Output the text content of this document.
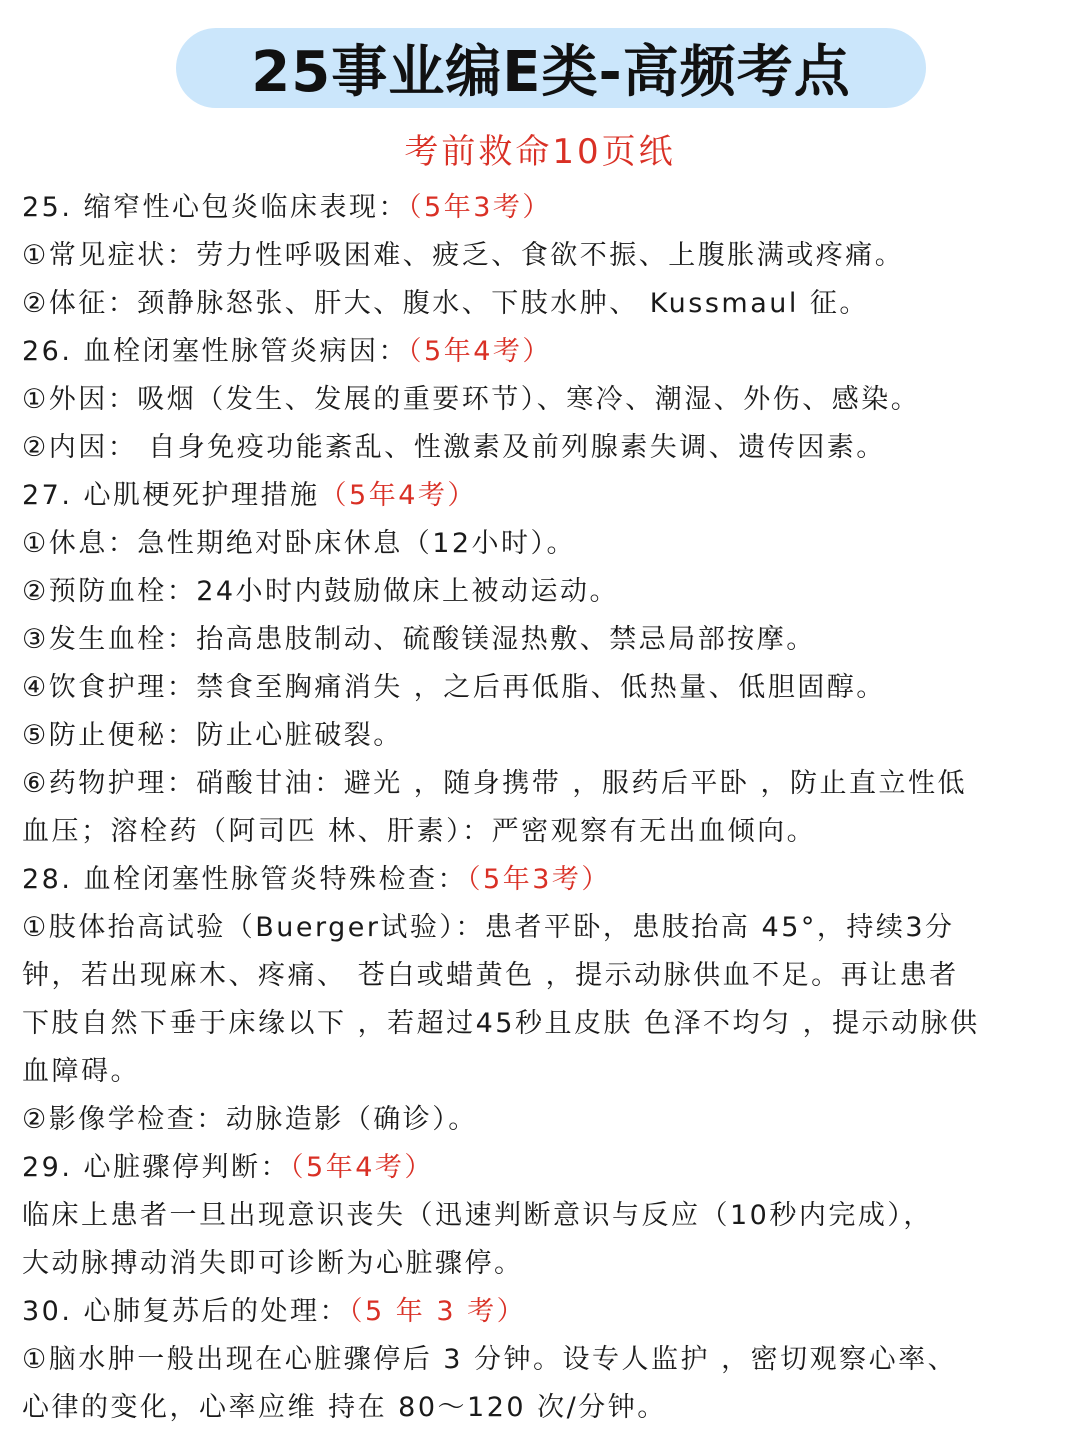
25事业编E类-高频考点
考前救命10页纸
25. 缩窄性心包炎临床表现：（5年3考）
①常见症状：劳力性呼吸困难、疲乏、食欲不振、上腹胀满或疼痛。
②体征：颈静脉怒张、肝大、腹水、下肢水肿、 Kussmaul 征。
26. 血栓闭塞性脉管炎病因：（5年4考）
①外因：吸烟（发生、发展的重要环节）、寒冷、潮湿、外伤、感染。
②内因： 自身免疫功能紊乱、性激素及前列腺素失调、遗传因素。
27. 心肌梗死护理措施（5年4考）
①休息：急性期绝对卧床休息（12小时）。
②预防血栓：24小时内鼓励做床上被动运动。
③发生血栓：抬高患肢制动、硫酸镁湿热敷、禁忌局部按摩。
④饮食护理：禁食至胸痛消失 ，之后再低脂、低热量、低胆固醇。
⑤防止便秘：防止心脏破裂。
⑥药物护理：硝酸甘油：避光 ，随身携带 ，服药后平卧 ，防止直立性低
血压；溶栓药（阿司匹 林、肝素）：严密观察有无出血倾向。
28. 血栓闭塞性脉管炎特殊检查：（5年3考）
①肢体抬高试验（Buerger试验）：患者平卧，患肢抬高 45°，持续3分
钟，若出现麻木、疼痛、 苍白或蜡黄色 ，提示动脉供血不足。再让患者
下肢自然下垂于床缘以下 ，若超过45秒且皮肤 色泽不均匀 ，提示动脉供
血障碍。
②影像学检查：动脉造影（确诊）。
29. 心脏骤停判断：（5年4考）
临床上患者一旦出现意识丧失（迅速判断意识与反应（10秒内完成），
大动脉搏动消失即可诊断为心脏骤停。
30. 心肺复苏后的处理：（5 年 3 考）
①脑水肿一般出现在心脏骤停后 3 分钟。设专人监护 ，密切观察心率、
心律的变化，心率应维 持在 80～120 次/分钟。
